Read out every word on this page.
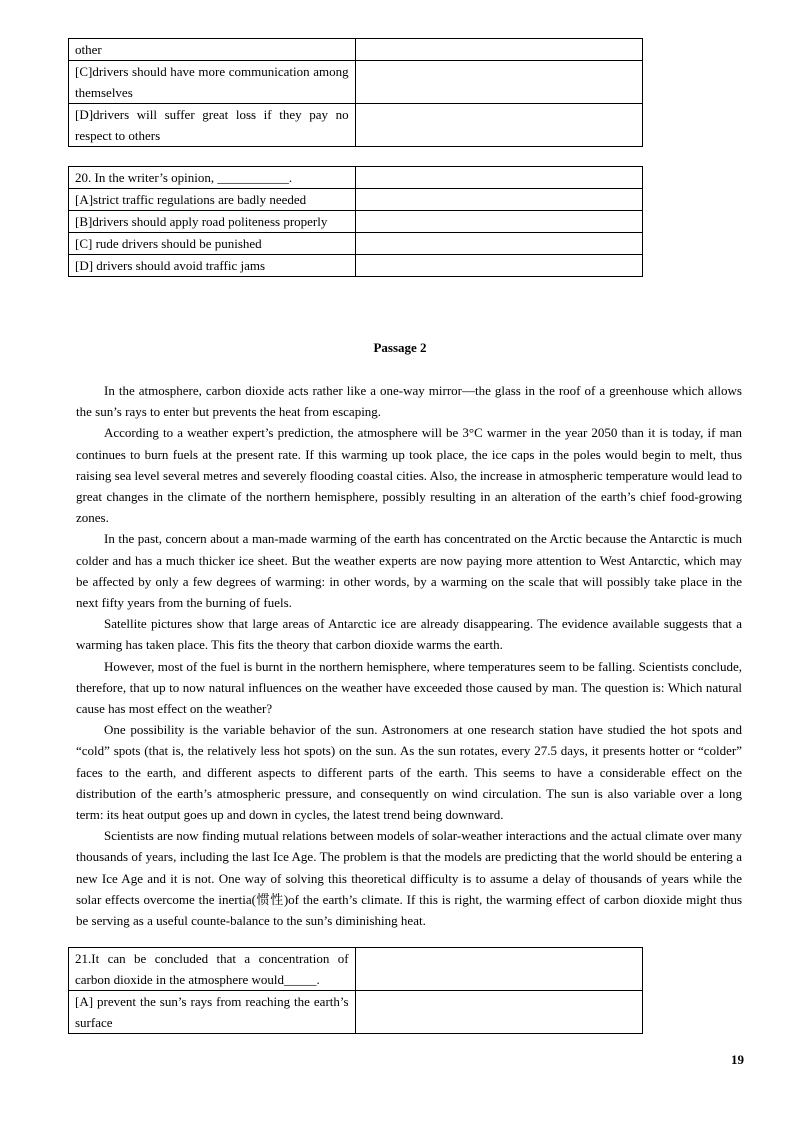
other	
[C]drivers should have more communication among themselves	
[D]drivers will suffer great loss if they pay no respect to others	
20. In the writer’s opinion, ___________.	
[A]strict traffic regulations are badly needed	
[B]drivers should apply road politeness properly	
[C] rude drivers should be punished	
[D] drivers should avoid traffic jams	
Passage 2

In the atmosphere, carbon dioxide acts rather like a one-way mirror—the glass in the roof of a greenhouse which allows the sun’s rays to enter but prevents the heat from escaping.

According to a weather expert’s prediction, the atmosphere will be 3°C warmer in the year 2050 than it is today, if man continues to burn fuels at the present rate. If this warming up took place, the ice caps in the poles would begin to melt, thus raising sea level several metres and severely flooding coastal cities. Also, the increase in atmospheric temperature would lead to great changes in the climate of the northern hemisphere, possibly resulting in an alteration of the earth’s chief food-growing zones.

In the past, concern about a man-made warming of the earth has concentrated on the Arctic because the Antarctic is much colder and has a much thicker ice sheet. But the weather experts are now paying more attention to West Antarctic, which may be affected by only a few degrees of warming: in other words, by a warming on the scale that will possibly take place in the next fifty years from the burning of fuels.

Satellite pictures show that large areas of Antarctic ice are already disappearing. The evidence available suggests that a warming has taken place. This fits the theory that carbon dioxide warms the earth.

However, most of the fuel is burnt in the northern hemisphere, where temperatures seem to be falling. Scientists conclude, therefore, that up to now natural influences on the weather have exceeded those caused by man. The question is: Which natural cause has most effect on the weather?

One possibility is the variable behavior of the sun. Astronomers at one research station have studied the hot spots and “cold” spots (that is, the relatively less hot spots) on the sun. As the sun rotates, every 27.5 days, it presents hotter or “colder” faces to the earth, and different aspects to different parts of the earth. This seems to have a considerable effect on the distribution of the earth’s atmospheric pressure, and consequently on wind circulation. The sun is also variable over a long term: its heat output goes up and down in cycles, the latest trend being downward.

Scientists are now finding mutual relations between models of solar-weather interactions and the actual climate over many thousands of years, including the last Ice Age. The problem is that the models are predicting that the world should be entering a new Ice Age and it is not. One way of solving this theoretical difficulty is to assume a delay of thousands of years while the solar effects overcome the inertia(惯性)of the earth’s climate. If this is right, the warming effect of carbon dioxide might thus be serving as a useful counte-balance to the sun’s diminishing heat.

21.It can be concluded that a concentration of carbon dioxide in the atmosphere would_____.	
[A] prevent the sun’s rays from reaching the earth’s surface	
19
